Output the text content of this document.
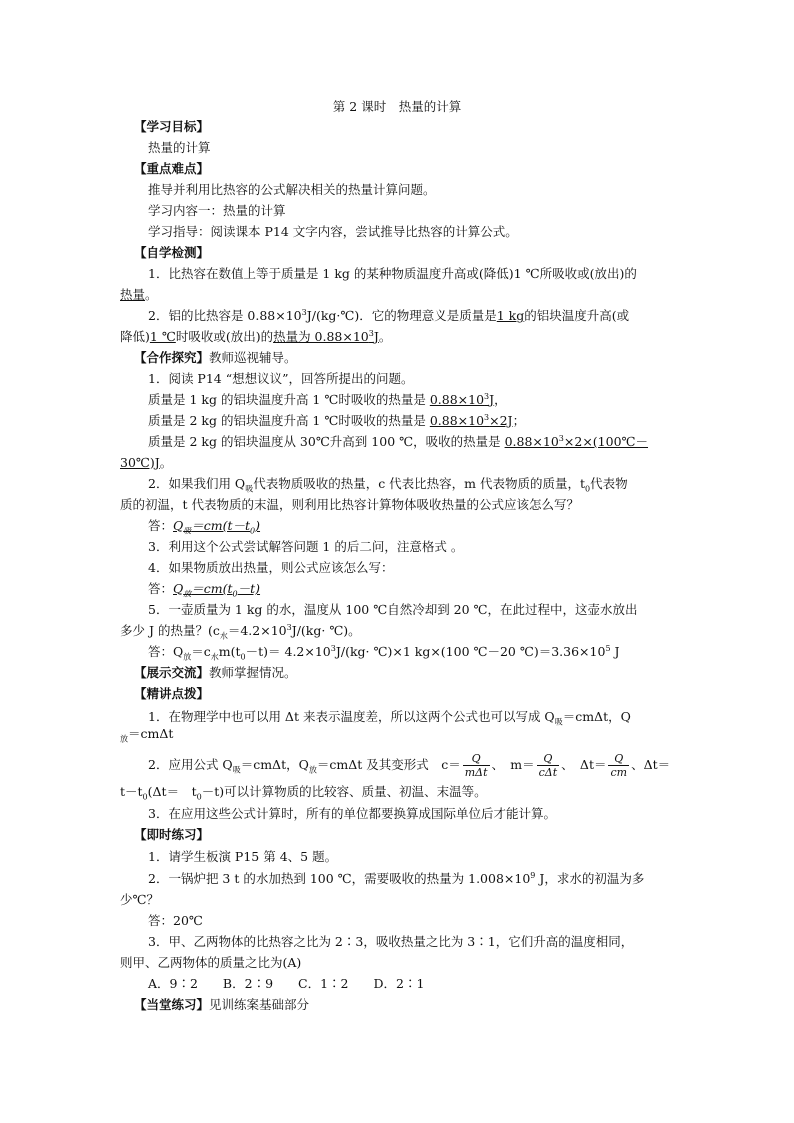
第 2 课时　热量的计算
【学习目标】
热量的计算
【重点难点】
推导并利用比热容的公式解决相关的热量计算问题。
学习内容一：热量的计算
学习指导：阅读课本 P14 文字内容，尝试推导比热容的计算公式。
【自学检测】
1．比热容在数值上等于质量是 1 kg 的某种物质温度升高或(降低)1 ℃所吸收或(放出)的
热量。
2．铝的比热容是 $0.88\times 10^3J/(kg\cdot℃)$．它的物理意义是质量是1 kg的铝块温度升高(或
降低)1 ℃时吸收或(放出)的热量为 $0.88\times 10^3J$。
【合作探究】教师巡视辅导。
1．阅读 P14 “想想议议”，回答所提出的问题。
质量是 1 kg 的铝块温度升高 1 ℃时吸收的热量是 $0.88\times 10^3J$，
质量是 2 kg 的铝块温度升高 1 ℃时吸收的热量是 $0.88\times 10^3\times 2J$；
质量是 2 kg 的铝块温度从 30℃升高到 100 ℃，吸收的热量是 $0.88\times 10^3\times 2\times(100℃-$
30℃)J。
2．如果我们用 $Q_吸$代表物质吸收的热量，c 代表比热容，m 代表物质的质量，$t_0$代表物
质的初温，t 代表物质的末温，则利用比热容计算物体吸收热量的公式应该怎么写？
答：$Q_吸=cm(t-t_0)$
3．利用这个公式尝试解答问题 1 的后二问，注意格式 。
4．如果物质放出热量，则公式应该怎么写：
答：$Q_放=cm(t_0-t)$
5．一壶质量为 1 kg 的水，温度从 100 ℃自然冷却到 20 ℃，在此过程中，这壶水放出
多少 J 的热量？($c_水=4.2\times 10^3J/(kg\cdot$ ℃)。
答：$Q_放=c_水m(t_0-t)= 4.2\times 10^3J/(kg\cdot$ ℃)×1 kg×(100 ℃－20 $℃)=3.36\times 10^5$ J
【展示交流】教师掌握情况。
【精讲点拨】
1．在物理学中也可以用 Δt 来表示温度差，所以这两个公式也可以写成 $Q_吸=cm\Delta t$，Q
$_放$＝cmΔt
2．应用公式 $Q_吸=cm\Delta t$，$Q_放=cm\Delta t$ 及其变形式　$c= \frac{Q}{\text{mΔt}}$ 、　$m= \frac{Q}{\text{cΔt}}$ 、　$\Delta t= \frac{Q}{cm}$ 、Δt＝
$t-t_0(\Delta t=$　$t_0-t$)可以计算物质的比较容、质量、初温、末温等。
3．在应用这些公式计算时，所有的单位都要换算成国际单位后才能计算。
【即时练习】
1．请学生板演 P15 第 4、5 题。
2．一锅炉把 3 t 的水加热到 100 ℃，需要吸收的热量为 $1.008\times 10^9$ J，求水的初温为多
少℃？
答：20℃
3．甲、乙两物体的比热容之比为 2∶3，吸收热量之比为 3∶1，它们升高的温度相同，
则甲、乙两物体的质量之比为(A)
A．9∶2　　B．2∶9　　C．1∶2　　D．2∶1
【当堂练习】见训练案基础部分
